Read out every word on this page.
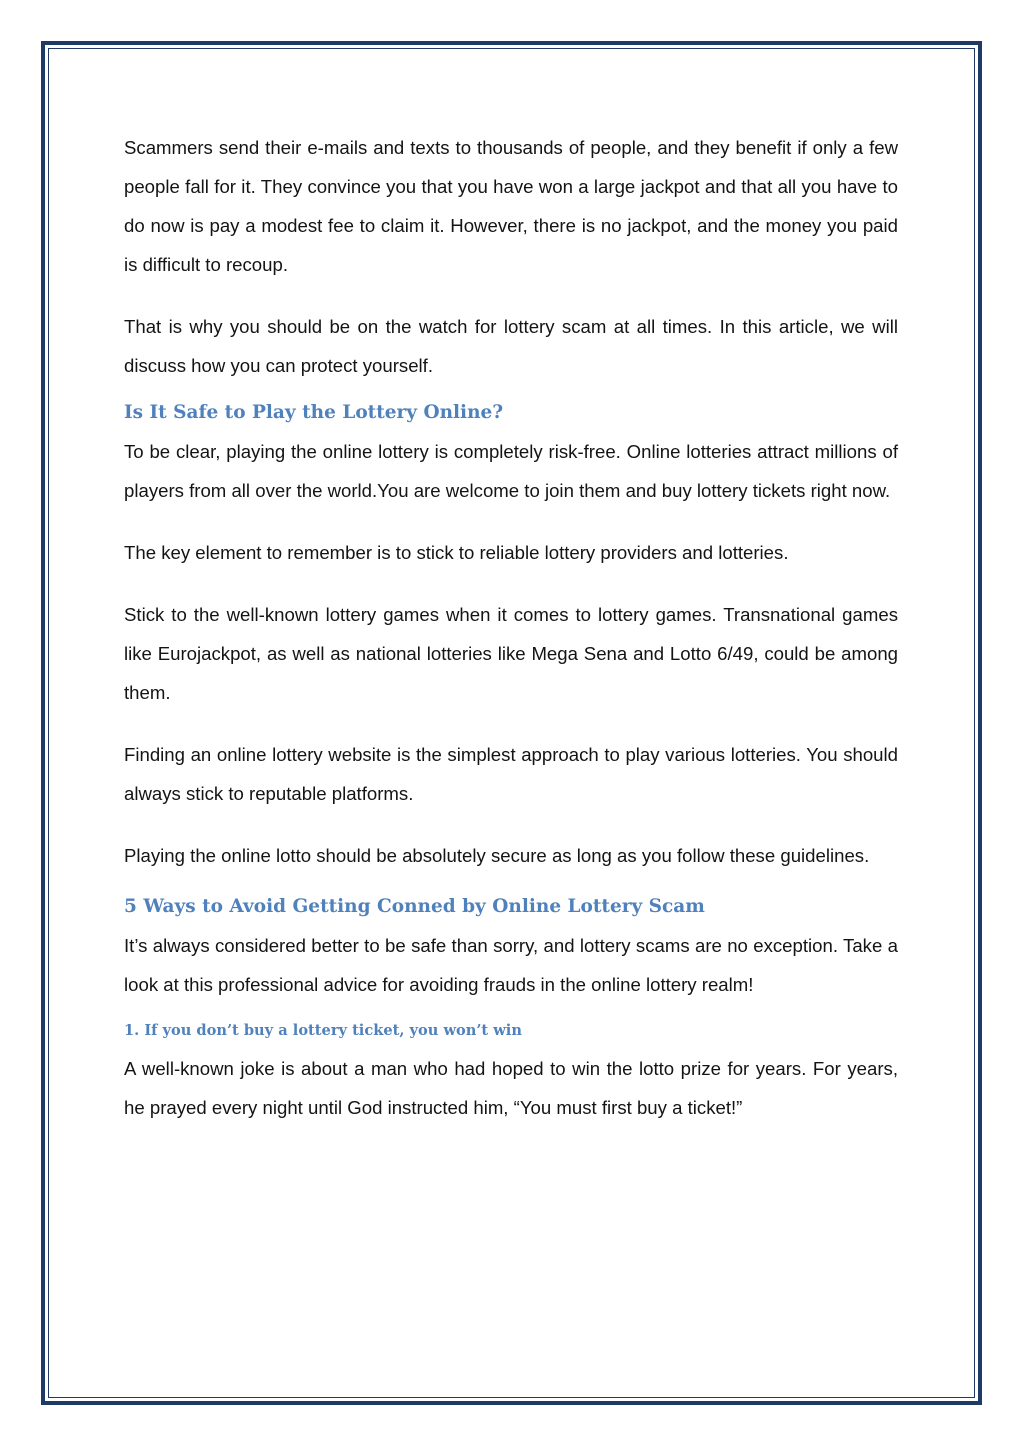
Scammers send their e-mails and texts to thousands of people, and they benefit if only a few people fall for it. They convince you that you have won a large jackpot and that all you have to do now is pay a modest fee to claim it. However, there is no jackpot, and the money you paid is difficult to recoup.

That is why you should be on the watch for lottery scam at all times. In this article, we will discuss how you can protect yourself.

Is It Safe to Play the Lottery Online?

To be clear, playing the online lottery is completely risk-free. Online lotteries attract millions of players from all over the world.You are welcome to join them and buy lottery tickets right now.

The key element to remember is to stick to reliable lottery providers and lotteries.

Stick to the well-known lottery games when it comes to lottery games. Transnational games like Eurojackpot, as well as national lotteries like Mega Sena and Lotto 6/49, could be among them.

Finding an online lottery website is the simplest approach to play various lotteries. You should always stick to reputable platforms.

Playing the online lotto should be absolutely secure as long as you follow these guidelines.

5 Ways to Avoid Getting Conned by Online Lottery Scam

It’s always considered better to be safe than sorry, and lottery scams are no exception. Take a look at this professional advice for avoiding frauds in the online lottery realm!

1. If you don’t buy a lottery ticket, you won’t win

A well-known joke is about a man who had hoped to win the lotto prize for years. For years, he prayed every night until God instructed him, “You must first buy a ticket!”
